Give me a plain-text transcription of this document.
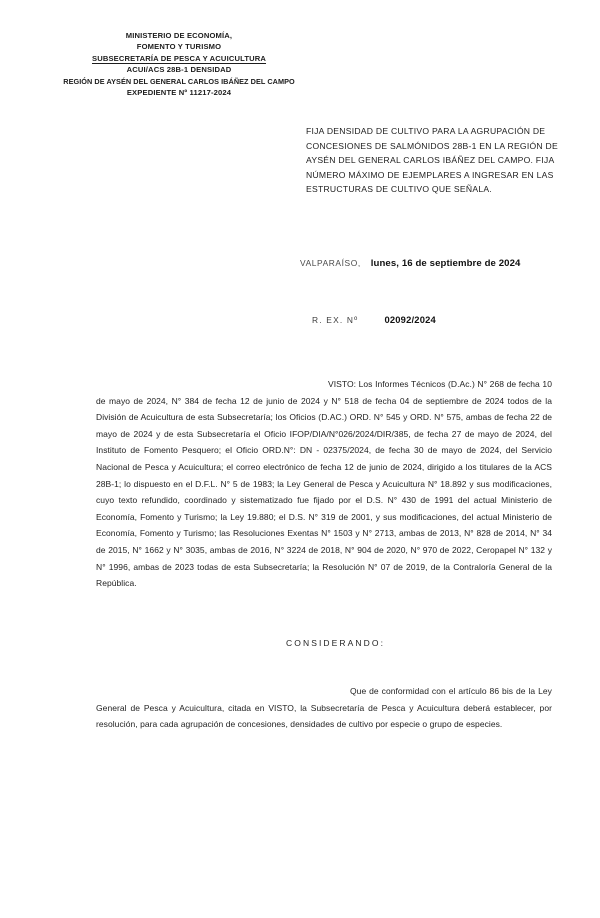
MINISTERIO DE ECONOMÍA,
FOMENTO Y TURISMO
SUBSECRETARÍA DE PESCA Y ACUICULTURA
ACUI/ACS 28B-1 DENSIDAD
REGIÓN DE AYSÉN DEL GENERAL CARLOS IBÁÑEZ DEL CAMPO
EXPEDIENTE Nº 11217-2024
FIJA DENSIDAD DE CULTIVO PARA LA AGRUPACIÓN DE CONCESIONES DE SALMÓNIDOS 28B-1 EN LA REGIÓN DE AYSÉN DEL GENERAL CARLOS IBÁÑEZ DEL CAMPO. FIJA NÚMERO MÁXIMO DE EJEMPLARES A INGRESAR EN LAS ESTRUCTURAS DE CULTIVO QUE SEÑALA.
VALPARAÍSO, lunes, 16 de septiembre de 2024
R. EX. Nº	02092/2024

VISTO: Los Informes Técnicos (D.Ac.) N° 268 de fecha 10 de mayo de 2024, N° 384 de fecha 12 de junio de 2024 y N° 518 de fecha 04 de septiembre de 2024 todos de la División de Acuicultura de esta Subsecretaría; los Oficios (D.AC.) ORD. N° 545 y ORD. N° 575, ambas de fecha 22 de mayo de 2024 y de esta Subsecretaría el Oficio IFOP/DIA/N°026/2024/DIR/385, de fecha 27 de mayo de 2024, del Instituto de Fomento Pesquero; el Oficio ORD.N°: DN - 02375/2024, de fecha 30 de mayo de 2024, del Servicio Nacional de Pesca y Acuicultura; el correo electrónico de fecha 12 de junio de 2024, dirigido a los titulares de la ACS 28B-1; lo dispuesto en el D.F.L. N° 5 de 1983; la Ley General de Pesca y Acuicultura N° 18.892 y sus modificaciones, cuyo texto refundido, coordinado y sistematizado fue fijado por el D.S. N° 430 de 1991 del actual Ministerio de Economía, Fomento y Turismo; la Ley 19.880; el D.S. N° 319 de 2001, y sus modificaciones, del actual Ministerio de Economía, Fomento y Turismo; las Resoluciones Exentas N° 1503 y N° 2713, ambas de 2013, N° 828 de 2014, N° 34 de 2015, N° 1662 y N° 3035, ambas de 2016, N° 3224 de 2018, N° 904 de 2020, N° 970 de 2022, Ceropapel N° 132 y N° 1996, ambas de 2023 todas de esta Subsecretaría; la Resolución N° 07 de 2019, de la Contraloría General de la República.

CONSIDERANDO:

Que de conformidad con el artículo 86 bis de la Ley General de Pesca y Acuicultura, citada en VISTO, la Subsecretaría de Pesca y Acuicultura deberá establecer, por resolución, para cada agrupación de concesiones, densidades de cultivo por especie o grupo de especies.
